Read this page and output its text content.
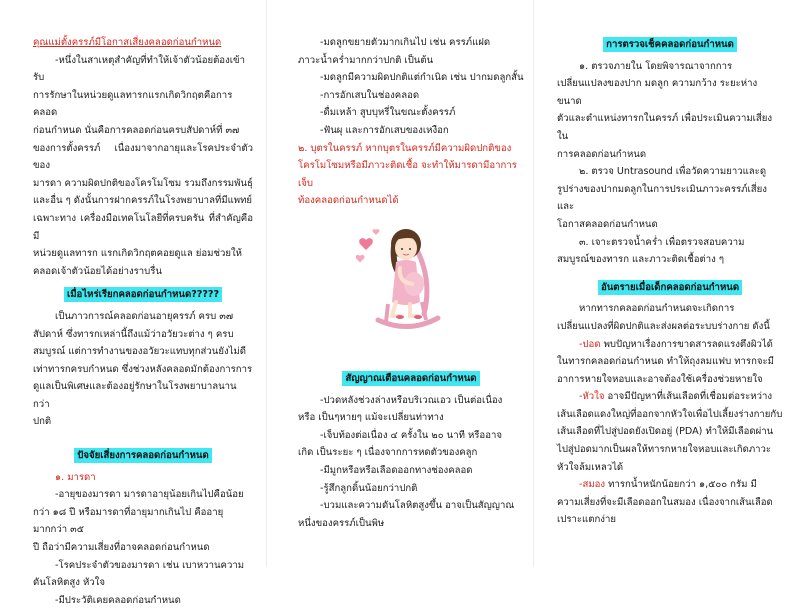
คุณแม่ตั้งครรภ์มีโอกาสเสี่ยงคลอดก่อนกำหนด

-หนึ่งในสาเหตุสำคัญที่ทำให้เจ้าตัวน้อยต้องเข้ารับ

การรักษาในหน่วยดูแลทารกแรกเกิดวิกฤตคือการคลอด

ก่อนกำหนด นั่นคือการคลอดก่อนครบสัปดาห์ที่ ๓๗

ของการตั้งครรภ์ เนื่องมาจากอายุและโรคประจำตัวของ

มารดา ความผิดปกติของโครโมโซม รวมถึงกรรมพันธุ์

และอื่น ๆ ดังนั้นการฝากครรภ์ในโรงพยาบาลที่มีแพทย์

เฉพาะทาง เครื่องมือเทคโนโลยีที่ครบครัน ที่สำคัญคือมี

หน่วยดูแลทารก แรกเกิดวิกฤตคอยดูแล ย่อมช่วยให้

คลอดเจ้าตัวน้อยได้อย่างราบรื่น

เมื่อไหร่เรียกคลอดก่อนกำหนด?????

เป็นภาวการณ์คลอดก่อนอายุครรภ์ ครบ ๓๗

สัปดาห์ ซึ่งทารกเหล่านี้ถึงแม้ว่าอวัยวะต่าง ๆ ครบ

สมบูรณ์ แต่การทำงานของอวัยวะแทบทุกส่วนยังไม่ดี

เท่าทารกครบกำหนด ซึ่งช่วงหลังคลอดมักต้องการการ

ดูแลเป็นพิเศษและต้องอยู่รักษาในโรงพยาบาลนานกว่า

ปกติ

ปัจจัยเสี่ยงการคลอดก่อนกำหนด

๑. มารดา

-อายุของมารดา มารดาอายุน้อยเกินไปคือน้อย

กว่า ๑๘ ปี หรือมารดาที่อายุมากเกินไป คืออายุมากกว่า ๓๕

ปี ถือว่ามีความเสี่ยงที่อาจคลอดก่อนกำหนด

-โรคประจำตัวของมารดา เช่น เบาหวานความ

ดันโลหิตสูง หัวใจ

-มีประวัติเคยคลอดก่อนกำหนด

-มดลูกขยายตัวมากเกินไป เช่น ครรภ์แฝด

ภาวะน้ำคร่ำมากกว่าปกติ เป็นต้น

-มดลูกมีความผิดปกติแต่กำเนิด เช่น ปากมดลูกสั้น

-การอักเสบในช่องคลอด

-ดื่มเหล้า สูบบุหรี่ในขณะตั้งครรภ์

-ฟันผุ และการอักเสบของเหงือก

๒. บุตรในครรภ์ หากบุตรในครรภ์มีความผิดปกติของ

โครโมโซมหรือมีภาวะติดเชื้อ จะทำให้มารดามีอาการเจ็บ

ท้องคลอดก่อนกำหนดได้

สัญญาณเตือนคลอดก่อนกำหนด

-ปวดหลังช่วงล่างหรือบริเวณเอว เป็นต่อเนื่อง

หรือ เป็นๆหายๆ แม้จะเปลี่ยนท่าทาง

-เจ็บท้องต่อเนื่อง ๔ ครั้งใน ๒๐ นาที หรืออาจ

เกิด เป็นระยะ ๆ เนื่องจากการหดตัวของคลูก

-มีมูกหรือหรือเลือดออกทางช่องคลอด

-รู้สึกลูกดิ้นน้อยกว่าปกติ

-บวมและความดันโลหิตสูงขึ้น อาจเป็นสัญญาณ

หนึ่งของครรภ์เป็นพิษ

การตรวจเช็คคลอดก่อนกำหนด

๑. ตรวจภายใน โดยพิจารณาจากการ

เปลี่ยนแปลงของปาก มดลูก ความกว้าง ระยะห่าง ขนาด

ตัวและตำแหน่งทารกในครรภ์ เพื่อประเมินความเสี่ยงใน

การคลอดก่อนกำหนด

๒. ตรวจ Untrasound เพื่อวัดความยาวและดู

รูปร่างของปากมดลูกในการประเมินภาวะครรภ์เสี่ยงและ

โอกาสคลอดก่อนกำหนด

๓. เจาะตรวจน้ำคร่ำ เพื่อตรวจสอบความ

สมบูรณ์ของทารก และภาวะติดเชื้อต่าง ๆ

อันตรายเมื่อเด็กคลอดก่อนกำหนด

หากทารกคลอดก่อนกำหนดจะเกิดการ

เปลี่ยนแปลงที่ผิดปกติและส่งผลต่อระบบร่างกาย ดังนี้

-ปอด พบปัญหาเรื่องการขาดสารลดแรงตึงผิวได้

ในทารกคลอดก่อนกำหนด ทำให้ถุงลมแฟบ ทารกจะมี

อาการหายใจหอบและอาจต้องใช้เครื่องช่วยหายใจ

-หัวใจ อาจมีปัญหาที่เส้นเลือดที่เชื่อมต่อระหว่าง

เส้นเลือดแดงใหญ่ที่ออกจากหัวใจเพื่อไปเลี้ยงร่างกายกับ

เส้นเลือดที่ไปสู่ปอดยังเปิดอยู่ (PDA) ทำให้มีเลือดผ่าน

ไปสู่ปอดมากเป็นผลให้ทารกหายใจหอบและเกิดภาวะ

หัวใจล้มเหลวได้

-สมอง ทารกน้ำหนักน้อยกว่า ๑,๕๐๐ กรัม มี

ความเสี่ยงที่จะมีเลือดออกในสมอง เนื่องจากเส้นเลือด

เปราะแตกง่าย
